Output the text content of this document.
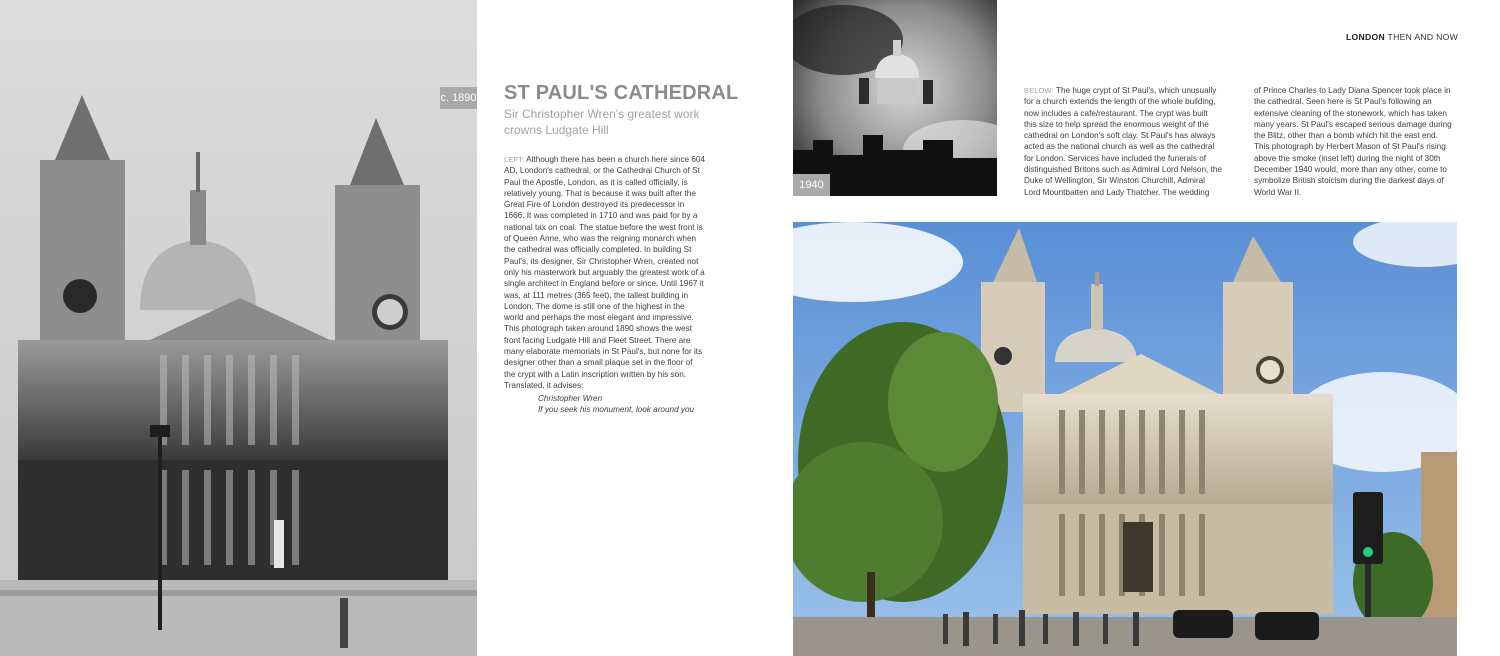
c. 1890 ST PAUL'S CATHEDRAL
Sir Christopher Wren's greatest work crowns Ludgate Hill
LEFT: Although there has been a church here since 604 AD, London's cathedral, or the Cathedral Church of St Paul the Apostle, London, as it is called officially, is relatively young. That is because it was built after the Great Fire of London destroyed its predecessor in 1666. It was completed in 1710 and was paid for by a national tax on coal. The statue before the west front is of Queen Anne, who was the reigning monarch when the cathedral was officially completed. In building St Paul's, its designer, Sir Christopher Wren, created not only his masterwork but arguably the greatest work of a single architect in England before or since. Until 1967 it was, at 111 metres (365 feet), the tallest building in London. The dome is still one of the highest in the world and perhaps the most elegant and impressive. This photograph taken around 1890 shows the west front facing Ludgate Hill and Fleet Street. There are many elaborate memorials in St Paul's, but none for its designer other than a small plaque set in the floor of the crypt with a Latin inscription written by his son. Translated, it advises:
Christopher Wren
If you seek his monument, look around you
1940
LONDON THEN AND NOW
BELOW: The huge crypt of St Paul's, which unusually for a church extends the length of the whole building, now includes a cafe/restaurant. The crypt was built this size to help spread the enormous weight of the cathedral on London's soft clay. St Paul's has always acted as the national church as well as the cathedral for London. Services have included the funerals of distinguished Britons such as Admiral Lord Nelson, the Duke of Wellington, Sir Winston Churchill, Admiral Lord Mountbatten and Lady Thatcher. The wedding
of Prince Charles to Lady Diana Spencer took place in the cathedral. Seen here is St Paul's following an extensive cleaning of the stonework, which has taken many years. St Paul's escaped serious damage during the Blitz, other than a bomb which hit the east end. This photograph by Herbert Mason of St Paul's rising above the smoke (inset left) during the night of 30th December 1940 would, more than any other, come to symbolize British stoicism during the darkest days of World War II.
